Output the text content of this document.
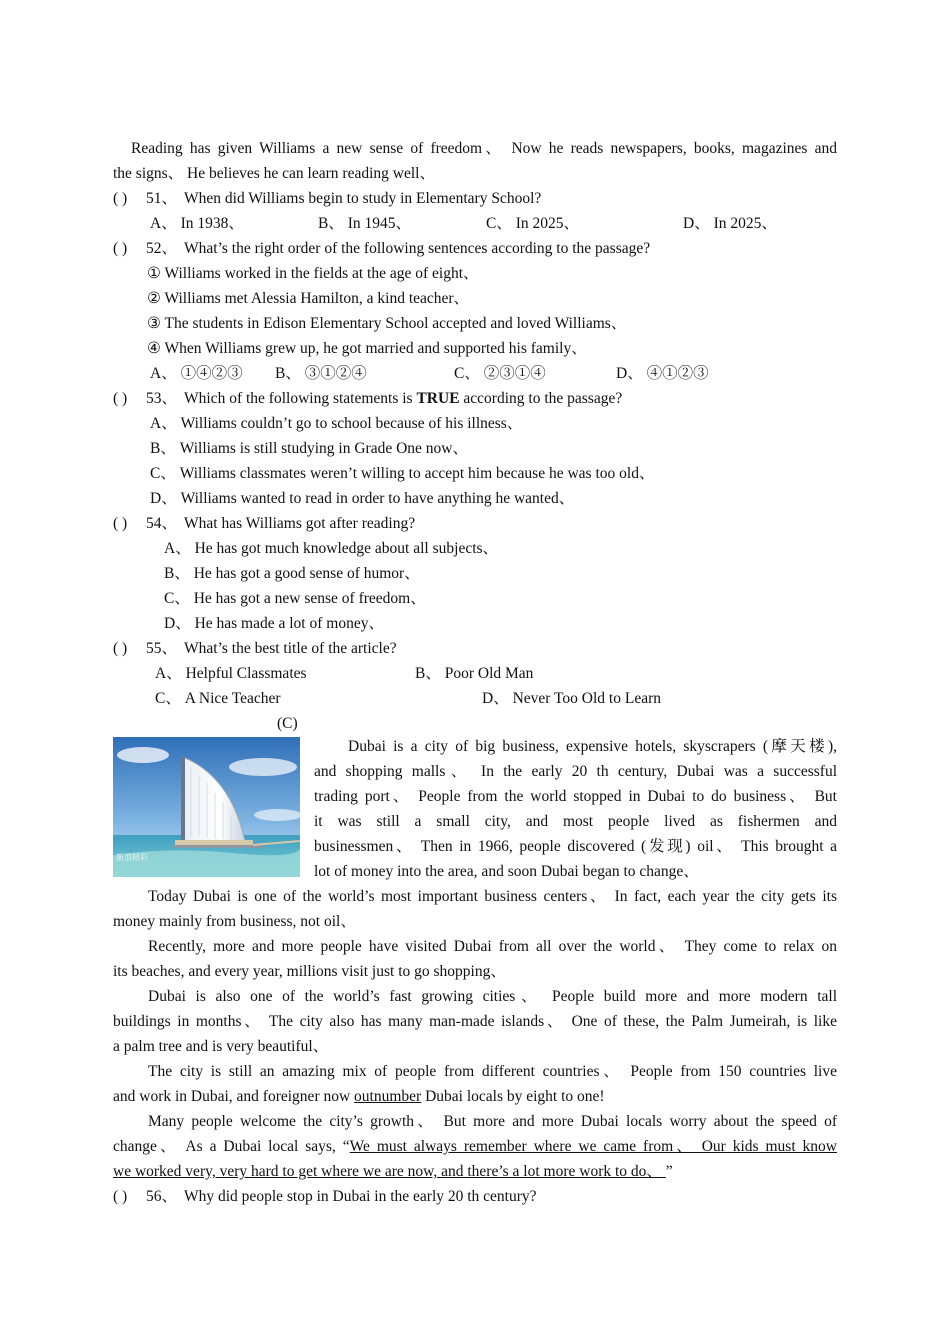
Reading has given Williams a new sense of freedom、 Now he reads newspapers, books, magazines and
the signs、 He believes he can learn reading well、
( ) 51、 When did Williams begin to study in Elementary School?
A、 In 1938、	B、 In 1945、	C、 In 2025、	D、 In 2025、
( ) 52、 What’s the right order of the following sentences according to the passage?
① Williams worked in the fields at the age of eight、
② Williams met Alessia Hamilton, a kind teacher、
③ The students in Edison Elementary School accepted and loved Williams、
④ When Williams grew up, he got married and supported his family、
A、 ①④②③ B、 ③①②④	C、 ②③①④	D、 ④①②③
( ) 53、 Which of the following statements is TRUE according to the passage?
A、 Williams couldn’t go to school because of his illness、
B、 Williams is still studying in Grade One now、
C、 Williams classmates weren’t willing to accept him because he was too old、
D、 Williams wanted to read in order to have anything he wanted、
( ) 54、 What has Williams got after reading?
A、 He has got much knowledge about all subjects、
B、 He has got a good sense of humor、
C、 He has got a new sense of freedom、
D、 He has made a lot of money、
( ) 55、 What’s the best title of the article?
A、 Helpful Classmates	B、 Poor Old Man
C、 A Nice Teacher	D、 Never Too Old to Learn
(C)
新浪精彩
Dubai is a city of big business, expensive hotels, skyscrapers (摩天楼),
and shopping malls、 In the early 20 th century, Dubai was a successful
trading port、 People from the world stopped in Dubai to do business、 But
it was still a small city, and most people lived as fishermen and
businessmen、 Then in 1966, people discovered (发现) oil、 This brought a
lot of money into the area, and soon Dubai began to change、
Today Dubai is one of the world’s most important business centers、 In fact, each year the city gets its
money mainly from business, not oil、
Recently, more and more people have visited Dubai from all over the world、 They come to relax on
its beaches, and every year, millions visit just to go shopping、
Dubai is also one of the world’s fast growing cities、 People build more and more modern tall
buildings in months、 The city also has many man-made islands、 One of these, the Palm Jumeirah, is like
a palm tree and is very beautiful、
The city is still an amazing mix of people from different countries、 People from 150 countries live
and work in Dubai, and foreigner now outnumber Dubai locals by eight to one!
Many people welcome the city’s growth、 But more and more Dubai locals worry about the speed of
change、 As a Dubai local says, “We must always remember where we came from、 Our kids must know
we worked very, very hard to get where we are now, and there’s a lot more work to do、 ”
( ) 56、 Why did people stop in Dubai in the early 20 th century?
